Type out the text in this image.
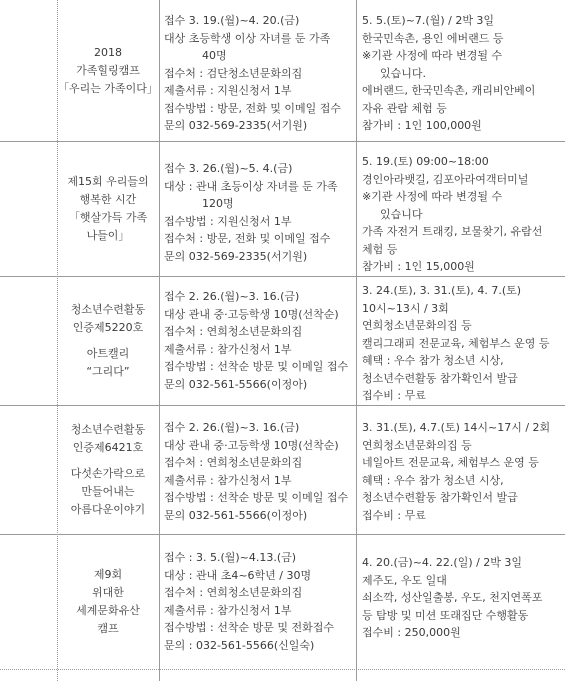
2018
가족힐링캠프
「우리는 가족이다」
접수 3. 19.(월)~4. 20.(금)
대상 초등학생 이상 자녀를 둔 가족
40명
접수처 : 검단청소년문화의집
제출서류 : 지원신청서 1부
접수방법 : 방문, 전화 및 이메일 접수
문의 032-569-2335(서기원)
5. 5.(토)~7.(월) / 2박 3일
한국민속촌, 용인 에버랜드 등
※기관 사정에 따라 변경될 수
있습니다.
에버랜드, 한국민속촌, 캐리비안베이
자유 관람 체험 등
참가비 : 1인 100,000원
제15회 우리들의
행복한 시간
「햇살가득 가족
나들이」
접수 3. 26.(월)~5. 4.(금)
대상 : 관내 초등이상 자녀를 둔 가족
120명
접수방법 : 지원신청서 1부
접수처 : 방문, 전화 및 이메일 접수
문의 032-569-2335(서기원)
5. 19.(토) 09:00~18:00
경인아라뱃길, 김포아라여객터미널
※기관 사정에 따라 변경될 수
있습니다
가족 자전거 트래킹, 보물찾기, 유람선
체험 등
참가비 : 1인 15,000원
청소년수련활동
인증제5220호
아트캘리
“그리다”
접수 2. 26.(월)~3. 16.(금)
대상 관내 중·고등학생 10명(선착순)
접수처 : 연희청소년문화의집
제출서류 : 참가신청서 1부
접수방법 : 선착순 방문 및 이메일 접수
문의 032-561-5566(이정아)
3. 24.(토), 3. 31.(토), 4. 7.(토)
10시~13시 / 3회
연희청소년문화의집 등
캘리그래피 전문교육, 체험부스 운영 등
혜택 : 우수 참가 청소년 시상,
청소년수련활동 참가확인서 발급
접수비 : 무료
청소년수련활동
인증제6421호
다섯손가락으로
만들어내는
아름다운이야기
접수 2. 26.(월)~3. 16.(금)
대상 관내 중·고등학생 10명(선착순)
접수처 : 연희청소년문화의집
제출서류 : 참가신청서 1부
접수방법 : 선착순 방문 및 이메일 접수
문의 032-561-5566(이정아)
3. 31.(토), 4.7.(토) 14시~17시 / 2회
연희청소년문화의집 등
네일아트 전문교육, 체험부스 운영 등
혜택 : 우수 참가 청소년 시상,
청소년수련활동 참가확인서 발급
접수비 : 무료
제9회
위대한
세계문화유산
캠프
접수 : 3. 5.(월)~4.13.(금)
대상 : 관내 초4~6학년 / 30명
접수처 : 연희청소년문화의집
제출서류 : 참가신청서 1부
접수방법 : 선착순 방문 및 전화접수
문의 : 032-561-5566(신일숙)
4. 20.(금)~4. 22.(일) / 2박 3일
제주도, 우도 일대
쇠소깍, 성산일출봉, 우도, 천지연폭포
등 탐방 및 미션 또래집단 수행활동
접수비 : 250,000원
